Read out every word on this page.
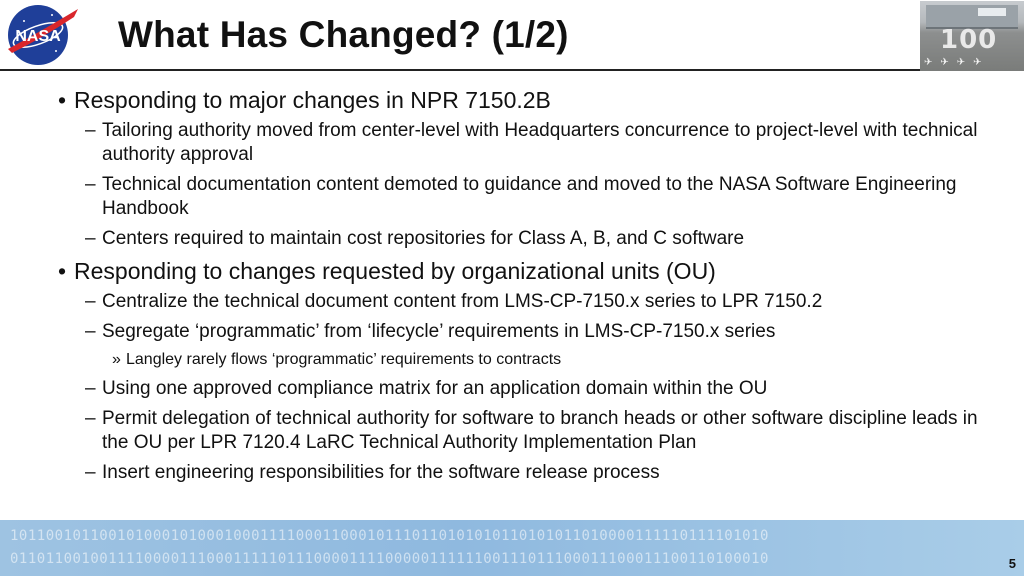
NASA What Has Changed? (1/2)	100
✈✈✈✈
• Responding to major changes in NPR 7150.2B
– Tailoring authority moved from center-level with Headquarters concurrence to project-level with technical authority approval
– Technical documentation content demoted to guidance and moved to the NASA Software Engineering Handbook
– Centers required to maintain cost repositories for Class A, B, and C software
• Responding to changes requested by organizational units (OU)
– Centralize the technical document content from LMS-CP-7150.x series to LPR 7150.2
– Segregate ‘programmatic’ from ‘lifecycle’ requirements in LMS-CP-7150.x series
» Langley rarely flows ‘programmatic’ requirements to contracts
– Using one approved compliance matrix for an application domain within the OU
– Permit delegation of technical authority for software to branch heads or other software discipline leads in the OU per LPR 7120.4 LaRC Technical Authority Implementation Plan
– Insert engineering responsibilities for the software release process
1011001011001010001010001000111100011000101110110101010110101011010000111110111101010
0110110010011110000111000111110111000011110000011111100111011100011100011100110100010	5
